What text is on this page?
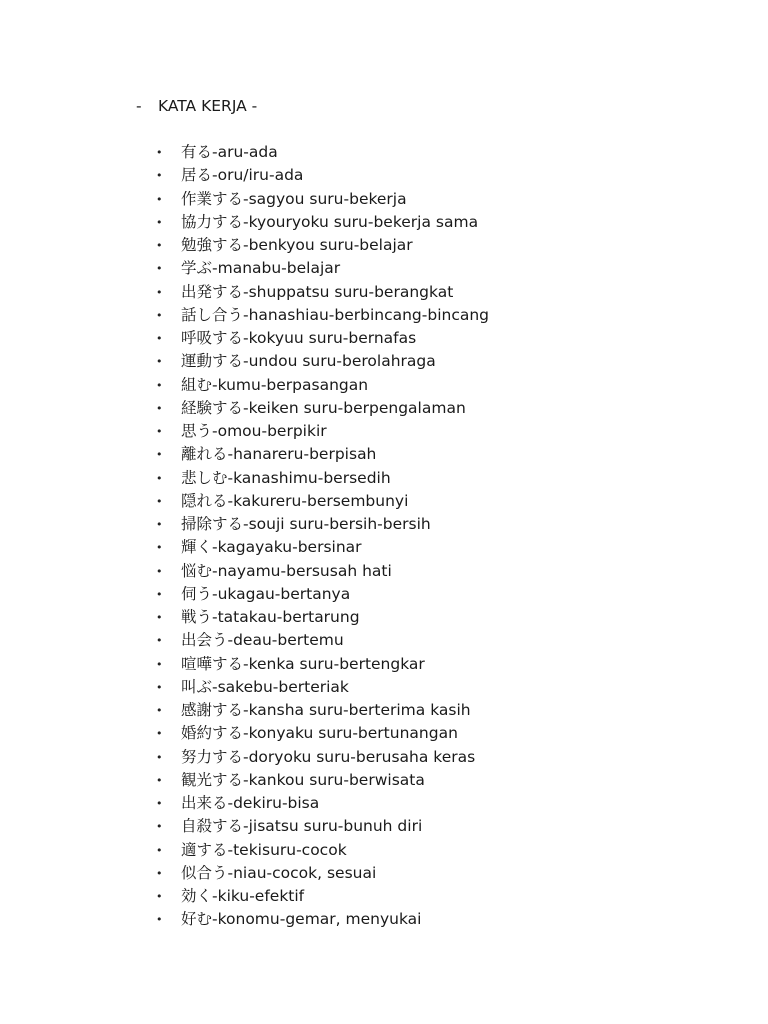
- KATA KERJA -
•	有る-aru-ada
•	居る-oru/iru-ada
•	作業する-sagyou suru-bekerja
•	協力する-kyouryoku suru-bekerja sama
•	勉強する-benkyou suru-belajar
•	学ぶ-manabu-belajar
•	出発する-shuppatsu suru-berangkat
•	話し合う-hanashiau-berbincang-bincang
•	呼吸する-kokyuu suru-bernafas
•	運動する-undou suru-berolahraga
•	組む-kumu-berpasangan
•	経験する-keiken suru-berpengalaman
•	思う-omou-berpikir
•	離れる-hanareru-berpisah
•	悲しむ-kanashimu-bersedih
•	隠れる-kakureru-bersembunyi
•	掃除する-souji suru-bersih-bersih
•	輝く-kagayaku-bersinar
•	悩む-nayamu-bersusah hati
•	伺う-ukagau-bertanya
•	戦う-tatakau-bertarung
•	出会う-deau-bertemu
•	喧嘩する-kenka suru-bertengkar
•	叫ぶ-sakebu-berteriak
•	感謝する-kansha suru-berterima kasih
•	婚約する-konyaku suru-bertunangan
•	努力する-doryoku suru-berusaha keras
•	観光する-kankou suru-berwisata
•	出来る-dekiru-bisa
•	自殺する-jisatsu suru-bunuh diri
•	適する-tekisuru-cocok
•	似合う-niau-cocok, sesuai
•	効く-kiku-efektif
•	好む-konomu-gemar, menyukai
